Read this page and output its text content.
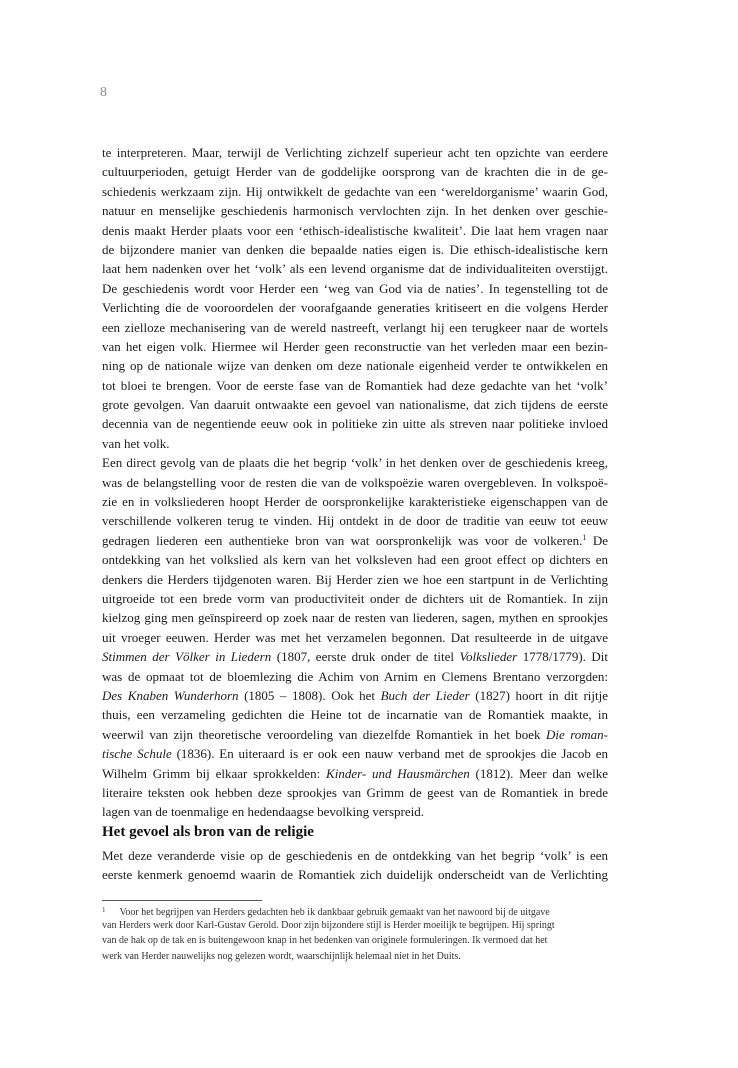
8
te interpreteren. Maar, terwijl de Verlichting zichzelf superieur acht ten opzichte van eerdere
cultuurperioden, getuigt Herder van de goddelijke oorsprong van de krachten die in de ge-
schiedenis werkzaam zijn. Hij ontwikkelt de gedachte van een ‘wereldorganisme’ waarin God,
natuur en menselijke geschiedenis harmonisch vervlochten zijn. In het denken over geschie-
denis maakt Herder plaats voor een ‘ethisch-idealistische kwaliteit’. Die laat hem vragen naar
de bijzondere manier van denken die bepaalde naties eigen is. Die ethisch-idealistische kern
laat hem nadenken over het ‘volk’ als een levend organisme dat de individualiteiten overstijgt.
De geschiedenis wordt voor Herder een ‘weg van God via de naties’. In tegenstelling tot de
Verlichting die de vooroordelen der voorafgaande generaties kritiseert en die volgens Herder
een zielloze mechanisering van de wereld nastreeft, verlangt hij een terugkeer naar de wortels
van het eigen volk. Hiermee wil Herder geen reconstructie van het verleden maar een bezin-
ning op de nationale wijze van denken om deze nationale eigenheid verder te ontwikkelen en
tot bloei te brengen. Voor de eerste fase van de Romantiek had deze gedachte van het ‘volk’
grote gevolgen. Van daaruit ontwaakte een gevoel van nationalisme, dat zich tijdens de eerste
decennia van de negentiende eeuw ook in politieke zin uitte als streven naar politieke invloed
van het volk.
Een direct gevolg van de plaats die het begrip ‘volk’ in het denken over de geschiedenis kreeg,
was de belangstelling voor de resten die van de volkspoëzie waren overgebleven. In volkspoë-
zie en in volksliederen hoopt Herder de oorspronkelijke karakteristieke eigenschappen van de
verschillende volkeren terug te vinden. Hij ontdekt in de door de traditie van eeuw tot eeuw
gedragen liederen een authentieke bron van wat oorspronkelijk was voor de volkeren.$^1$ De
ontdekking van het volkslied als kern van het volksleven had een groot effect op dichters en
denkers die Herders tijdgenoten waren. Bij Herder zien we hoe een startpunt in de Verlichting
uitgroeide tot een brede vorm van productiviteit onder de dichters uit de Romantiek. In zijn
kielzog ging men geïnspireerd op zoek naar de resten van liederen, sagen, mythen en sprookjes
uit vroeger eeuwen. Herder was met het verzamelen begonnen. Dat resulteerde in de uitgave
Stimmen der Völker in Liedern (1807, eerste druk onder de titel Volkslieder 1778/1779). Dit
was de opmaat tot de bloemlezing die Achim von Arnim en Clemens Brentano verzorgden:
Des Knaben Wunderhorn (1805 – 1808). Ook het Buch der Lieder (1827) hoort in dit rijtje
thuis, een verzameling gedichten die Heine tot de incarnatie van de Romantiek maakte, in
weerwil van zijn theoretische veroordeling van diezelfde Romantiek in het boek Die roman-
tische Schule (1836). En uiteraard is er ook een nauw verband met de sprookjes die Jacob en
Wilhelm Grimm bij elkaar sprokkelden: Kinder- und Hausmärchen (1812). Meer dan welke
literaire teksten ook hebben deze sprookjes van Grimm de geest van de Romantiek in brede
lagen van de toenmalige en hedendaagse bevolking verspreid.
Het gevoel als bron van de religie
Met deze veranderde visie op de geschiedenis en de ontdekking van het begrip ‘volk’ is een
eerste kenmerk genoemd waarin de Romantiek zich duidelijk onderscheidt van de Verlichting
$^1$ Voor het begrijpen van Herders gedachten heb ik dankbaar gebruik gemaakt van het nawoord bij de uitgave
van Herders werk door Karl-Gustav Gerold. Door zijn bijzondere stijl is Herder moeilijk te begrijpen. Hij springt
van de hak op de tak en is buitengewoon knap in het bedenken van originele formuleringen. Ik vermoed dat het
werk van Herder nauwelijks nog gelezen wordt, waarschijnlijk helemaal niet in het Duits.
